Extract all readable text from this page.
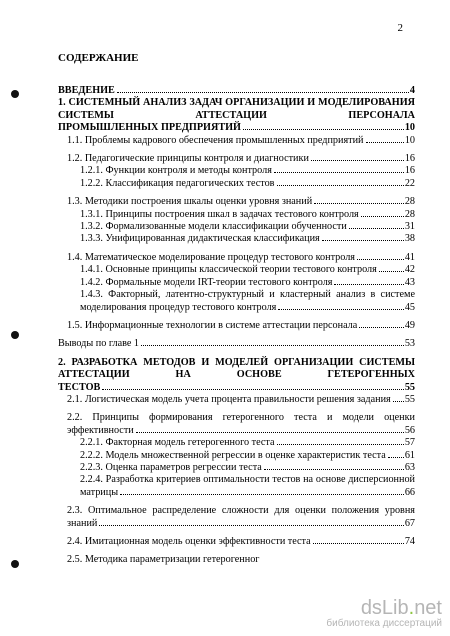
2
СОДЕРЖАНИЕ
ВВЕДЕНИЕ	4
1. СИСТЕМНЫЙ АНАЛИЗ ЗАДАЧ ОРГАНИЗАЦИИ И МОДЕЛИРОВАНИЯ СИСТЕМЫ АТТЕСТАЦИИ ПЕРСОНАЛА
ПРОМЫШЛЕННЫХ ПРЕДПРИЯТИЙ	10
1.1. Проблемы кадрового обеспечения промышленных предприятий	10
1.2. Педагогические принципы контроля и диагностики	16
1.2.1. Функции контроля и методы контроля	16
1.2.2. Классификация педагогических тестов	22
1.3. Методики построения шкалы оценки уровня знаний	28
1.3.1. Принципы построения шкал в задачах тестового контроля	28
1.3.2. Формализованные модели классификации обученности	31
1.3.3. Унифицированная дидактическая классификация	38
1.4. Математическое моделирование процедур тестового контроля	41
1.4.1. Основные принципы классической теории тестового контроля	42
1.4.2. Формальные модели IRT-теории тестового контроля	43
1.4.3. Факторный, латентно-структурный и кластерный анализ в системе
моделирования процедур тестового контроля	45
1.5. Информационные технологии в системе аттестации персонала	49
Выводы по главе 1	53
2. РАЗРАБОТКА МЕТОДОВ И МОДЕЛЕЙ ОРГАНИЗАЦИИ СИСТЕМЫ АТТЕСТАЦИИ НА ОСНОВЕ ГЕТЕРОГЕННЫХ
ТЕСТОВ	55
2.1. Логистическая модель учета процента правильности решения задания 55
2.2. Принципы формирования гетерогенного теста и модели оценки
эффективности	56
2.2.1. Факторная модель гетерогенного теста	57
2.2.2. Модель множественной регрессии в оценке характеристик теста 61
2.2.3. Оценка параметров регрессии теста	63
2.2.4. Разработка критериев оптимальности тестов на основе дисперсионной
матрицы	66
2.3. Оптимальное распределение сложности для оценки положения уровня
знаний	67
2.4. Имитационная модель оценки эффективности теста	74
2.5. Методика параметризации гетерогенног
dsLib.net
библиотека диссертаций
